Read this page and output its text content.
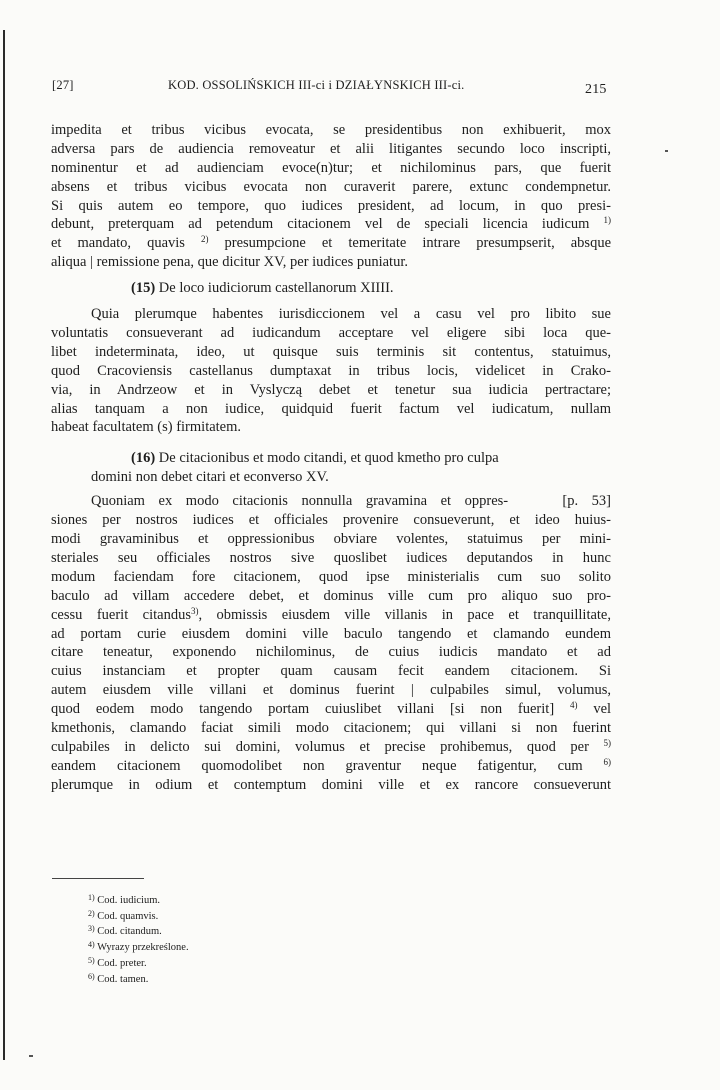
[27]	KOD. OSSOLIŃSKICH III-ci i DZIAŁYNSKICH III-ci.	215
impedita et tribus vicibus evocata, se presidentibus non exhibuerit, mox
adversa pars de audiencia removeatur et alii litigantes secundo loco inscripti,
nominentur et ad audienciam evoce(n)tur; et nichilominus pars, que fuerit
absens et tribus vicibus evocata non curaverit parere, extunc condempnetur.
Si quis autem eo tempore, quo iudices president, ad locum, in quo presi-
debunt, preterquam ad petendum citacionem vel de speciali licencia iudicum $^{1)}$
et mandato, quavis $^{2)}$ presumpcione et temeritate intrare presumpserit, absque
aliqua | remissione pena, que dicitur XV, per iudices puniatur.
(15) De loco iudiciorum castellanorum XIIII.
Quia plerumque habentes iurisdiccionem vel a casu vel pro libito sue
voluntatis consueverant ad iudicandum acceptare vel eligere sibi loca que-
libet indeterminata, ideo, ut quisque suis terminis sit contentus, statuimus,
quod Cracoviensis castellanus dumptaxat in tribus locis, videlicet in Crako-
via, in Andrzeow et in Vyslyczą debet et tenetur sua iudicia pertractare;
alias tanquam a non iudice, quidquid fuerit factum vel iudicatum, nullam
habeat facultatem (s) firmitatem.
(16) De citacionibus et modo citandi, et quod kmetho pro culpa
domini non debet citari et econverso XV.
Quoniam ex modo citacionis nonnulla gravamina et oppres-	[p. 53]
siones per nostros iudices et officiales provenire consueverunt, et ideo huius-
modi gravaminibus et oppressionibus obviare volentes, statuimus per mini-
steriales seu officiales nostros sive quoslibet iudices deputandos in hunc
modum faciendam fore citacionem, quod ipse ministerialis cum suo solito
baculo ad villam accedere debet, et dominus ville cum pro aliquo suo pro-
cessu fuerit citandus$^{3)}$, obmissis eiusdem ville villanis in pace et tranquillitate,
ad portam curie eiusdem domini ville baculo tangendo et clamando eundem
citare teneatur, exponendo nichilominus, de cuius iudicis mandato et ad
cuius instanciam et propter quam causam fecit eandem citacionem. Si
autem eiusdem ville villani et dominus fuerint | culpabiles simul, volumus,
quod eodem modo tangendo portam cuiuslibet villani [si non fuerit] $^{4)}$ vel
kmethonis, clamando faciat simili modo citacionem; qui villani si non fuerint
culpabiles in delicto sui domini, volumus et precise prohibemus, quod per $^{5)}$
eandem citacionem quomodolibet non graventur neque fatigentur, cum $^{6)}$
plerumque in odium et contemptum domini ville et ex rancore consueverunt
$^{1)}$ Cod. iudicium.
$^{2)}$ Cod. quamvis.
$^{3)}$ Cod. citandum.
$^{4)}$ Wyrazy przekreślone.
$^{5)}$ Cod. preter.
$^{6)}$ Cod. tamen.
